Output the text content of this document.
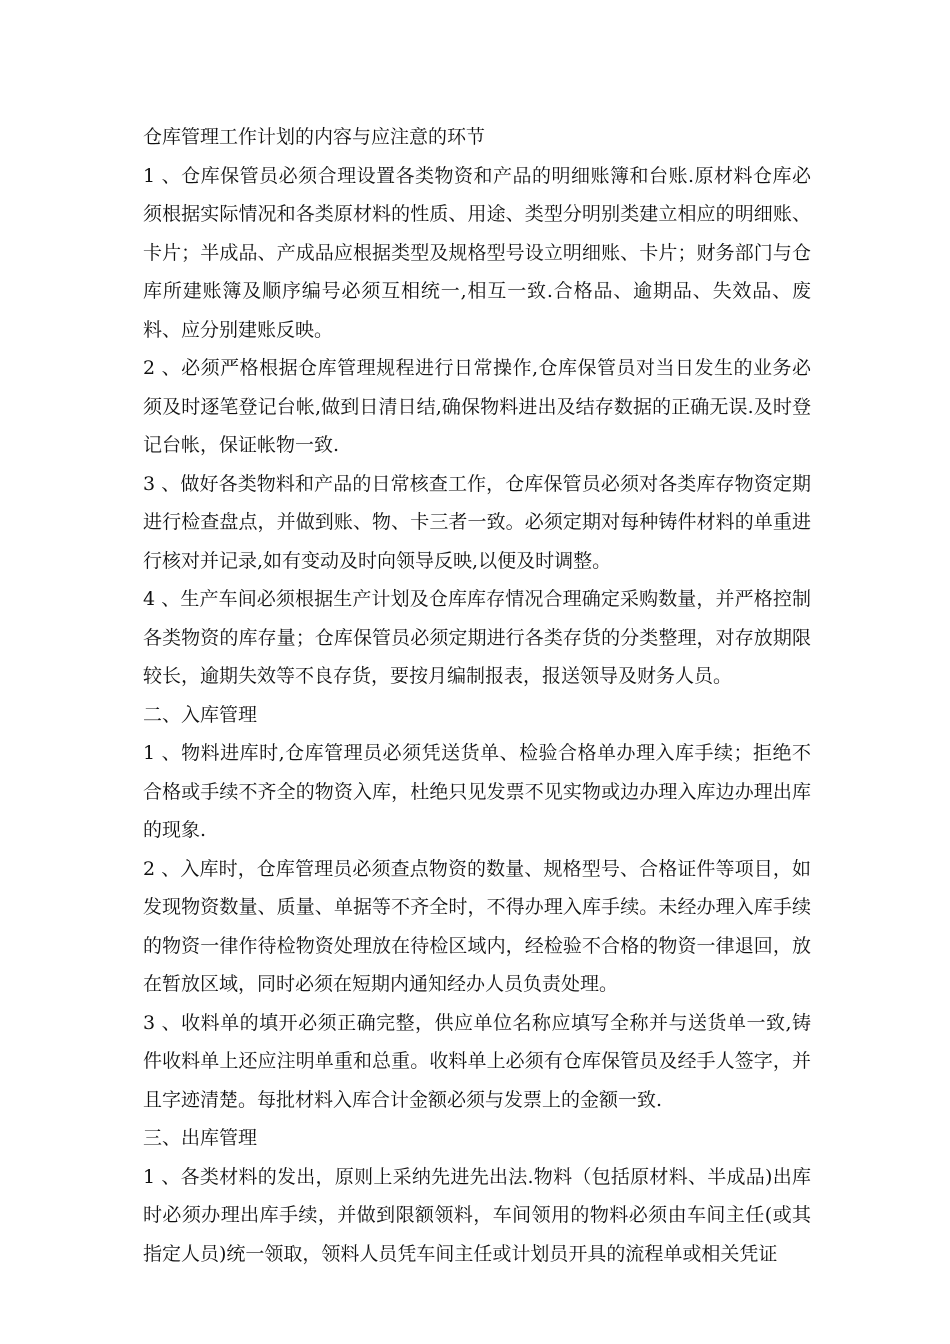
仓库管理工作计划的内容与应注意的环节

1 、仓库保管员必须合理设置各类物资和产品的明细账簿和台账.原材料仓库必须根据实际情况和各类原材料的性质、用途、类型分明别类建立相应的明细账、卡片；半成品、产成品应根据类型及规格型号设立明细账、卡片；财务部门与仓库所建账簿及顺序编号必须互相统一,相互一致.合格品、逾期品、失效品、废料、应分别建账反映。

2 、必须严格根据仓库管理规程进行日常操作,仓库保管员对当日发生的业务必须及时逐笔登记台帐,做到日清日结,确保物料进出及结存数据的正确无误.及时登记台帐，保证帐物一致.

3 、做好各类物料和产品的日常核查工作，仓库保管员必须对各类库存物资定期进行检查盘点，并做到账、物、卡三者一致。必须定期对每种铸件材料的单重进行核对并记录,如有变动及时向领导反映,以便及时调整。

4 、生产车间必须根据生产计划及仓库库存情况合理确定采购数量，并严格控制各类物资的库存量；仓库保管员必须定期进行各类存货的分类整理，对存放期限较长，逾期失效等不良存货，要按月编制报表，报送领导及财务人员。

二、入库管理

1 、物料进库时,仓库管理员必须凭送货单、检验合格单办理入库手续；拒绝不合格或手续不齐全的物资入库，杜绝只见发票不见实物或边办理入库边办理出库的现象.

2 、入库时，仓库管理员必须查点物资的数量、规格型号、合格证件等项目，如发现物资数量、质量、单据等不齐全时，不得办理入库手续。未经办理入库手续的物资一律作待检物资处理放在待检区域内，经检验不合格的物资一律退回，放在暂放区域，同时必须在短期内通知经办人员负责处理。

3 、收料单的填开必须正确完整，供应单位名称应填写全称并与送货单一致,铸件收料单上还应注明单重和总重。收料单上必须有仓库保管员及经手人签字，并且字迹清楚。每批材料入库合计金额必须与发票上的金额一致.

三、出库管理

1 、各类材料的发出，原则上采纳先进先出法.物料（包括原材料、半成品)出库时必须办理出库手续，并做到限额领料，车间领用的物料必须由车间主任(或其指定人员)统一领取，领料人员凭车间主任或计划员开具的流程单或相关凭证
